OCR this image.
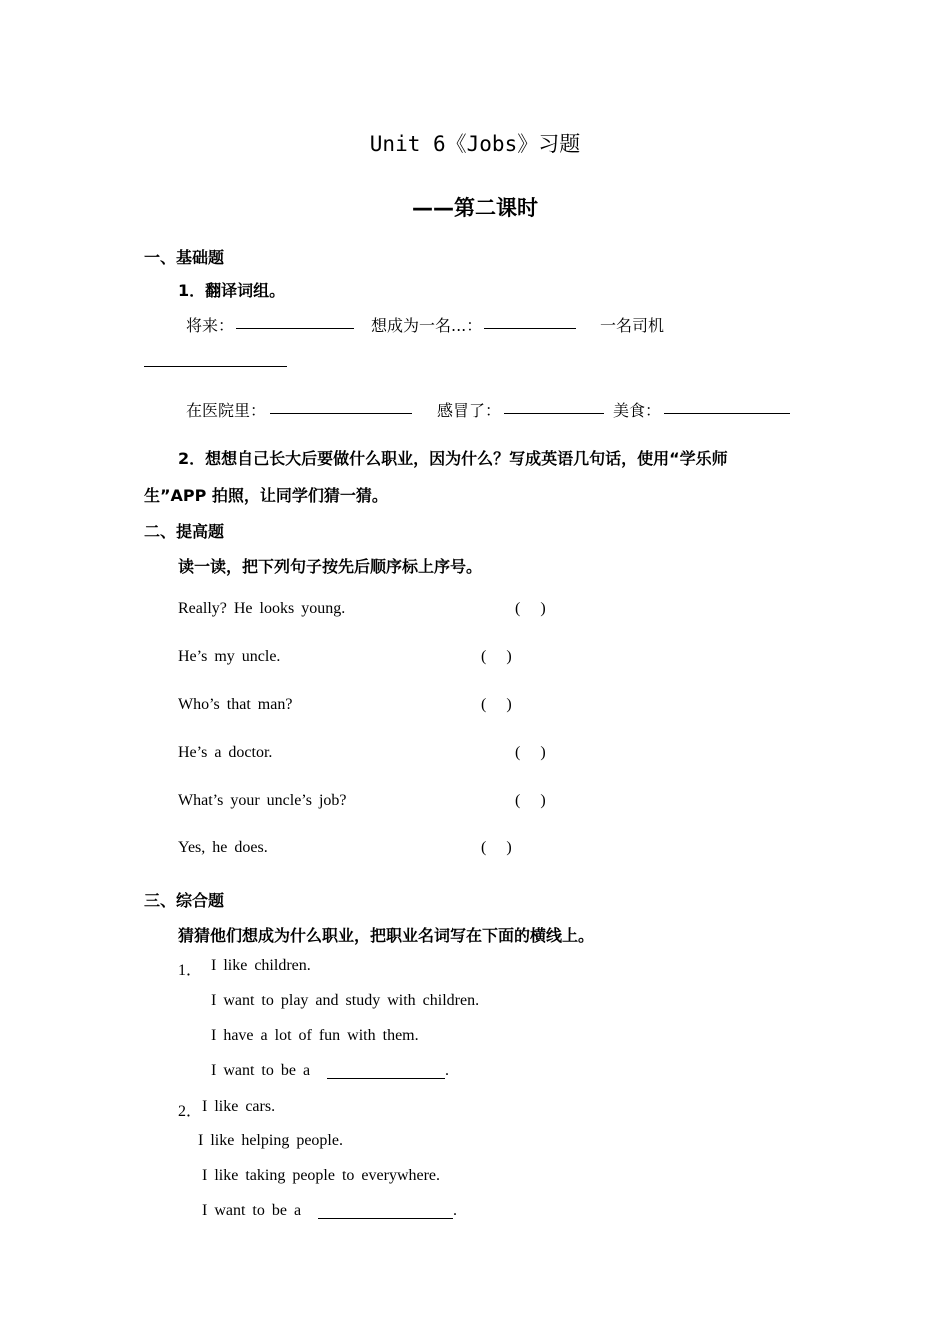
Unit 6《Jobs》习题
——第二课时
一、基础题
1．翻译词组。
将来：	想成为一名...：	一名司机
在医院里：	感冒了：	美食：
2．想想自己长大后要做什么职业，因为什么？写成英语几句话，使用“学乐师
生”APP 拍照，让同学们猜一猜。
二、提高题
读一读，把下列句子按先后顺序标上序号。
Really? He looks young.	(     )
He’s my uncle.	(     )
Who’s that man?	(     )
He’s a doctor.	(     )
What’s your uncle’s job?	(     )
Yes, he does.	(     )
三、综合题
猜猜他们想成为什么职业，把职业名词写在下面的横线上。
1． I like children.
I want to play and study with children.
I have a lot of fun with them.
I want to be a	.
2． I like cars.
I like helping people.
I like taking people to everywhere.
I want to be a	.
